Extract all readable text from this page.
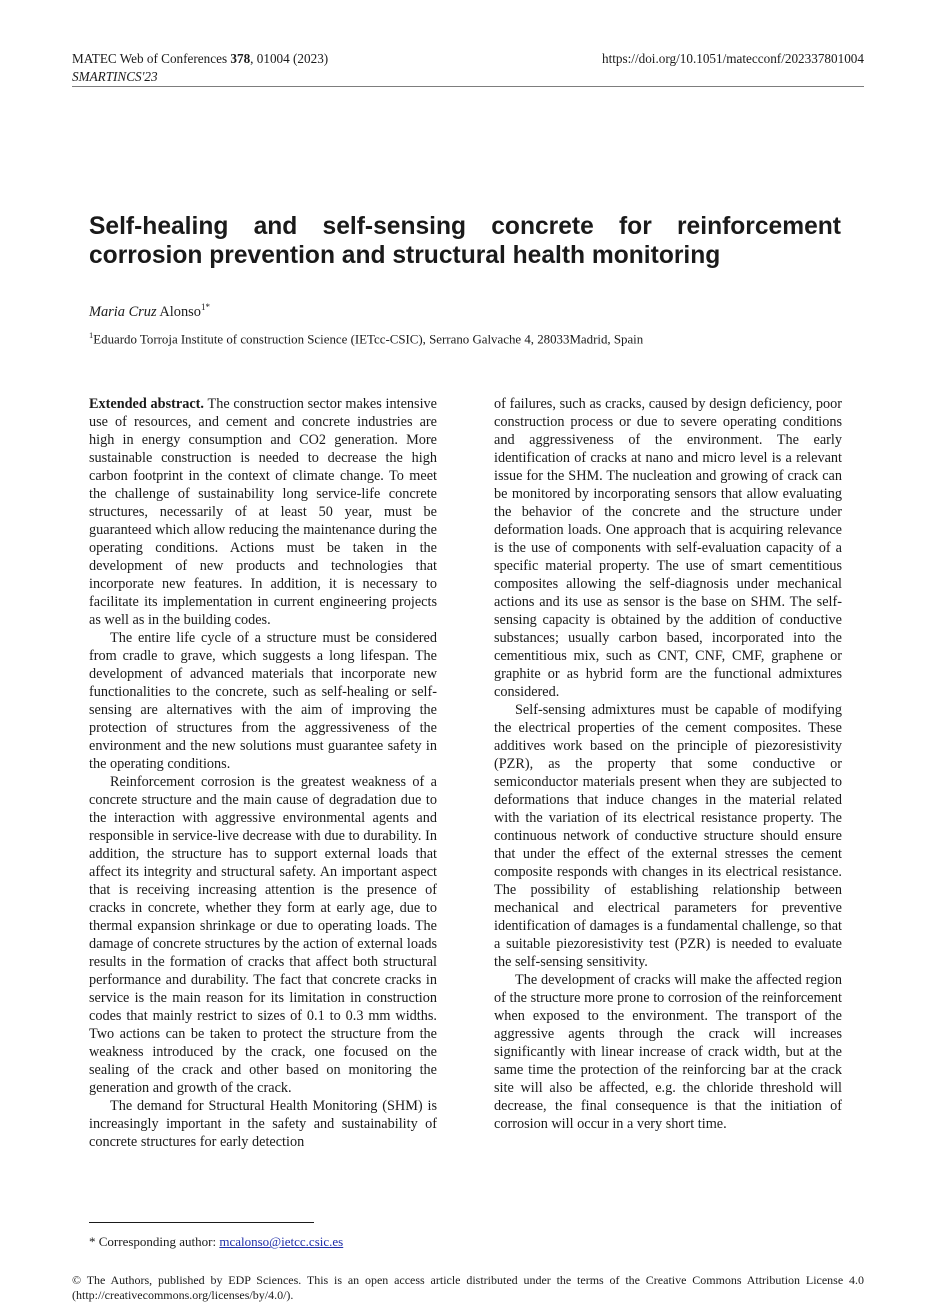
MATEC Web of Conferences 378, 01004 (2023)
SMARTINCS'23
https://doi.org/10.1051/matecconf/202337801004
Self-healing and self-sensing concrete for reinforcement corrosion prevention and structural health monitoring
Maria Cruz Alonso$^{1*}$
$^1$Eduardo Torroja Institute of construction Science (IETcc-CSIC), Serrano Galvache 4, 28033Madrid, Spain

Extended abstract. The construction sector makes intensive use of resources, and cement and concrete industries are high in energy consumption and CO2 generation. More sustainable construction is needed to decrease the high carbon footprint in the context of climate change. To meet the challenge of sustainability long service-life concrete structures, necessarily of at least 50 year, must be guaranteed which allow reducing the maintenance during the operating conditions. Actions must be taken in the development of new products and technologies that incorporate new features. In addition, it is necessary to facilitate its implementation in current engineering projects as well as in the building codes.

The entire life cycle of a structure must be considered from cradle to grave, which suggests a long lifespan. The development of advanced materials that incorporate new functionalities to the concrete, such as self-healing or self-sensing are alternatives with the aim of improving the protection of structures from the aggressiveness of the environment and the new solutions must guarantee safety in the operating conditions.

Reinforcement corrosion is the greatest weakness of a concrete structure and the main cause of degradation due to the interaction with aggressive environmental agents and responsible in service-live decrease with due to durability. In addition, the structure has to support external loads that affect its integrity and structural safety. An important aspect that is receiving increasing attention is the presence of cracks in concrete, whether they form at early age, due to thermal expansion shrinkage or due to operating loads. The damage of concrete structures by the action of external loads results in the formation of cracks that affect both structural performance and durability. The fact that concrete cracks in service is the main reason for its limitation in construction codes that mainly restrict to sizes of 0.1 to 0.3 mm widths. Two actions can be taken to protect the structure from the weakness introduced by the crack, one focused on the sealing of the crack and other based on monitoring the generation and growth of the crack.

The demand for Structural Health Monitoring (SHM) is increasingly important in the safety and sustainability of concrete structures for early detection

of failures, such as cracks, caused by design deficiency, poor construction process or due to severe operating conditions and aggressiveness of the environment. The early identification of cracks at nano and micro level is a relevant issue for the SHM. The nucleation and growing of crack can be monitored by incorporating sensors that allow evaluating the behavior of the concrete and the structure under deformation loads. One approach that is acquiring relevance is the use of components with self-evaluation capacity of a specific material property. The use of smart cementitious composites allowing the self-diagnosis under mechanical actions and its use as sensor is the base on SHM. The self-sensing capacity is obtained by the addition of conductive substances; usually carbon based, incorporated into the cementitious mix, such as CNT, CNF, CMF, graphene or graphite or as hybrid form are the functional admixtures considered.

Self-sensing admixtures must be capable of modifying the electrical properties of the cement composites. These additives work based on the principle of piezoresistivity (PZR), as the property that some conductive or semiconductor materials present when they are subjected to deformations that induce changes in the material related with the variation of its electrical resistance property. The continuous network of conductive structure should ensure that under the effect of the external stresses the cement composite responds with changes in its electrical resistance. The possibility of establishing relationship between mechanical and electrical parameters for preventive identification of damages is a fundamental challenge, so that a suitable piezoresistivity test (PZR) is needed to evaluate the self-sensing sensitivity.

The development of cracks will make the affected region of the structure more prone to corrosion of the reinforcement when exposed to the environment. The transport of the aggressive agents through the crack will increases significantly with linear increase of crack width, but at the same time the protection of the reinforcing bar at the crack site will also be affected, e.g. the chloride threshold will decrease, the final consequence is that the initiation of corrosion will occur in a very short time.

* Corresponding author: mcalonso@ietcc.csic.es
© The Authors, published by EDP Sciences. This is an open access article distributed under the terms of the Creative Commons Attribution License 4.0 (http://creativecommons.org/licenses/by/4.0/).
